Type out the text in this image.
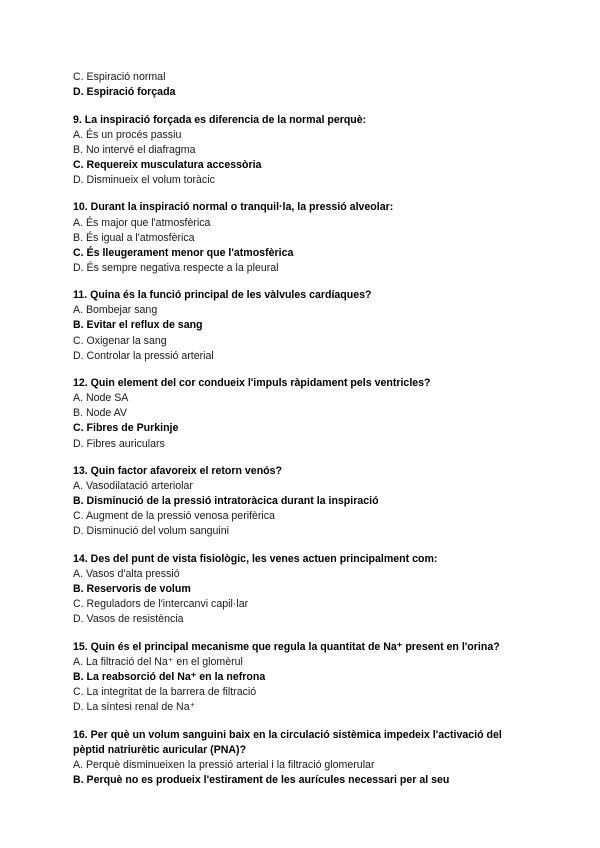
C. Espiració normal
D. Espiració forçada
9. La inspiració forçada es diferencia de la normal perquè:
A. És un procés passiu
B. No intervé el diafragma
C. Requereix musculatura accessòria
D. Disminueix el volum toràcic
10. Durant la inspiració normal o tranquil·la, la pressió alveolar:
A. És major que l'atmosfèrica
B. És igual a l'atmosfèrica
C. És lleugerament menor que l'atmosfèrica
D. És sempre negativa respecte a la pleural
11. Quina és la funció principal de les vàlvules cardíaques?
A. Bombejar sang
B. Evitar el reflux de sang
C. Oxigenar la sang
D. Controlar la pressió arterial
12. Quin element del cor condueix l'impuls ràpidament pels ventricles?
A. Node SA
B. Node AV
C. Fibres de Purkinje
D. Fibres auriculars
13. Quin factor afavoreix el retorn venós?
A. Vasodilatació arteriolar
B. Disminució de la pressió intratoràcica durant la inspiració
C. Augment de la pressió venosa perifèrica
D. Disminució del volum sanguini
14. Des del punt de vista fisiològic, les venes actuen principalment com:
A. Vasos d'alta pressió
B. Reservoris de volum
C. Reguladors de l'intercanvi capil·lar
D. Vasos de resistència
15. Quin és el principal mecanisme que regula la quantitat de Na⁺ present en l'orina?
A. La filtració del Na⁺ en el glomèrul
B. La reabsorció del Na⁺ en la nefrona
C. La integritat de la barrera de filtració
D. La síntesi renal de Na⁺
16. Per què un volum sanguini baix en la circulació sistèmica impedeix l'activació del pèptid natriurètic auricular (PNA)?
A. Perquè disminueixen la pressió arterial i la filtració glomerular
B. Perquè no es produeix l'estirament de les aurícules necessari per al seu
